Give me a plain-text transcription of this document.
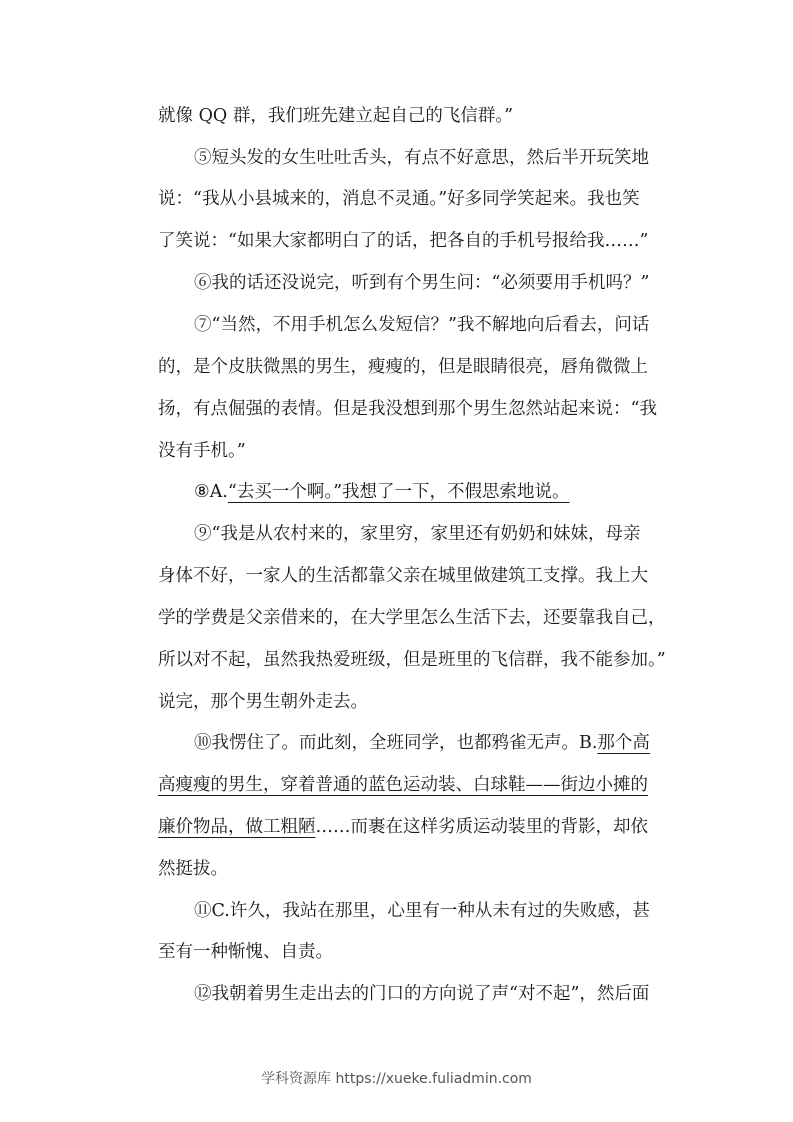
就像 QQ 群，我们班先建立起自己的飞信群。”
⑤短头发的女生吐吐舌头，有点不好意思，然后半开玩笑地
说：“我从小县城来的，消息不灵通。”好多同学笑起来。我也笑
了笑说：“如果大家都明白了的话，把各自的手机号报给我……”
⑥我的话还没说完，听到有个男生问：“必须要用手机吗？”
⑦“当然，不用手机怎么发短信？”我不解地向后看去，问话
的，是个皮肤微黑的男生，瘦瘦的，但是眼睛很亮，唇角微微上
扬，有点倔强的表情。但是我没想到那个男生忽然站起来说：“我
没有手机。”
⑧A.“去买一个啊。”我想了一下，不假思索地说。
⑨“我是从农村来的，家里穷，家里还有奶奶和妹妹，母亲
身体不好，一家人的生活都靠父亲在城里做建筑工支撑。我上大
学的学费是父亲借来的，在大学里怎么生活下去，还要靠我自己，
所以对不起，虽然我热爱班级，但是班里的飞信群，我不能参加。”
说完，那个男生朝外走去。
⑩我愣住了。而此刻，全班同学，也都鸦雀无声。B.那个高
高瘦瘦的男生，穿着普通的蓝色运动装、白球鞋——街边小摊的
廉价物品，做工粗陋……而裹在这样劣质运动装里的背影，却依
然挺拔。
⑪C.许久，我站在那里，心里有一种从未有过的失败感，甚
至有一种惭愧、自责。
⑫我朝着男生走出去的门口的方向说了声“对不起”，然后面
学科资源库 https://xueke.fuliadmin.com
